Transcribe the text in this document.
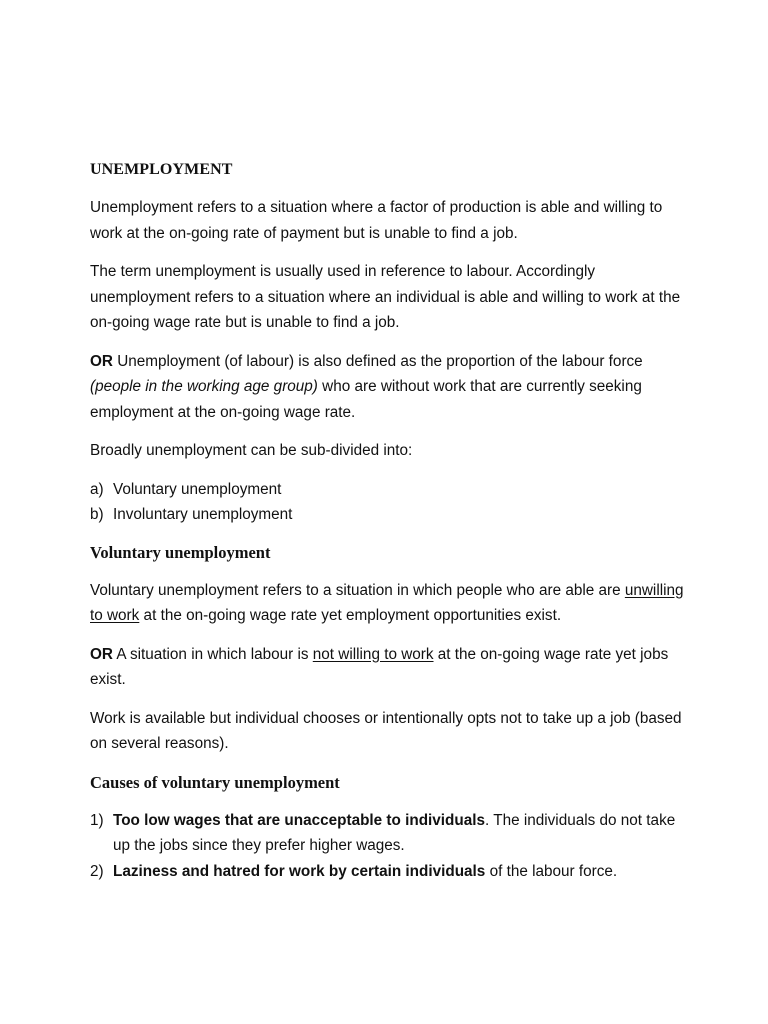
UNEMPLOYMENT

Unemployment refers to a situation where a factor of production is able and willing to work at the on-going rate of payment but is unable to find a job.

The term unemployment is usually used in reference to labour. Accordingly unemployment refers to a situation where an individual is able and willing to work at the on-going wage rate but is unable to find a job.

OR Unemployment (of labour) is also defined as the proportion of the labour force (people in the working age group) who are without work that are currently seeking employment at the on-going wage rate.

Broadly unemployment can be sub-divided into:

a) Voluntary unemployment
b) Involuntary unemployment
Voluntary unemployment

Voluntary unemployment refers to a situation in which people who are able are unwilling to work at the on-going wage rate yet employment opportunities exist.

OR A situation in which labour is not willing to work at the on-going wage rate yet jobs exist.

Work is available but individual chooses or intentionally opts not to take up a job (based on several reasons).

Causes of voluntary unemployment
1) Too low wages that are unacceptable to individuals. The individuals do not take up the jobs since they prefer higher wages.
2) Laziness and hatred for work by certain individuals of the labour force.
